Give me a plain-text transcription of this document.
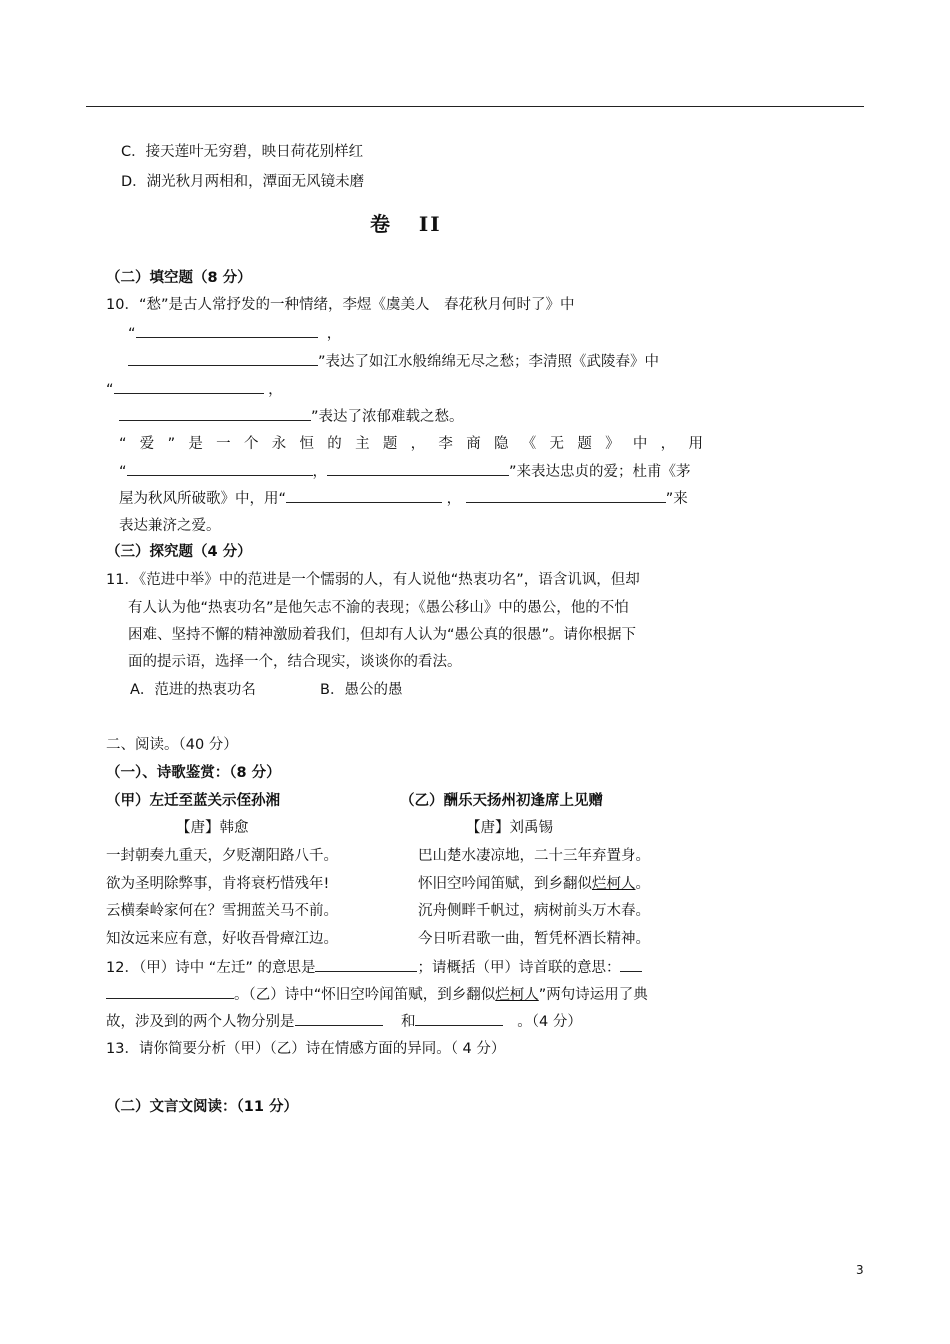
C．接天莲叶无穷碧，映日荷花别样红
D．湖光秋月两相和，潭面无风镜未磨
卷 II
（二）填空题（8 分）
10．“愁”是古人常抒发的一种情绪，李煜《虞美人　春花秋月何时了》中
“	，
”表达了如江水般绵绵无尽之愁；李清照《武陵春》中
“	，
”表达了浓郁难载之愁。
“ 爱 ” 是 一 个 永 恒 的 主 题 ， 李 商 隐 《 无 题 》 中 ， 用
“	，	”来表达忠贞的爱；杜甫《茅
屋为秋风所破歌》中，用“	，	”来
表达兼济之爱。
（三）探究题（4 分）
11．《范进中举》中的范进是一个懦弱的人，有人说他“热衷功名”，语含讥讽，但却
有人认为他“热衷功名”是他矢志不渝的表现；《愚公移山》中的愚公，他的不怕
困难、坚持不懈的精神激励着我们，但却有人认为“愚公真的很愚”。请你根据下
面的提示语，选择一个，结合现实，谈谈你的看法。
A．范进的热衷功名	B．愚公的愚
二、阅读。（40 分）
（一）、诗歌鉴赏：（8 分）
（甲）左迁至蓝关示侄孙湘	（乙）酬乐天扬州初逢席上见赠
【唐】韩愈	【唐】刘禹锡
一封朝奏九重天，夕贬潮阳路八千。
欲为圣明除弊事，肯将衰朽惜残年!
云横秦岭家何在？雪拥蓝关马不前。
知汝远来应有意，好收吾骨瘴江边。
巴山楚水凄凉地，二十三年弃置身。
怀旧空吟闻笛赋，到乡翻似烂柯人。
沉舟侧畔千帆过，病树前头万木春。
今日听君歌一曲，暂凭杯酒长精神。
12．（甲）诗中 “左迁” 的意思是	；请概括（甲）诗首联的意思：
。（乙）诗中“怀旧空吟闻笛赋，到乡翻似烂柯人”两句诗运用了典
故，涉及到的两个人物分别是	和	。（4 分）
13．请你简要分析（甲）（乙）诗在情感方面的异同。（ 4 分）
（二）文言文阅读：（11 分）
3
